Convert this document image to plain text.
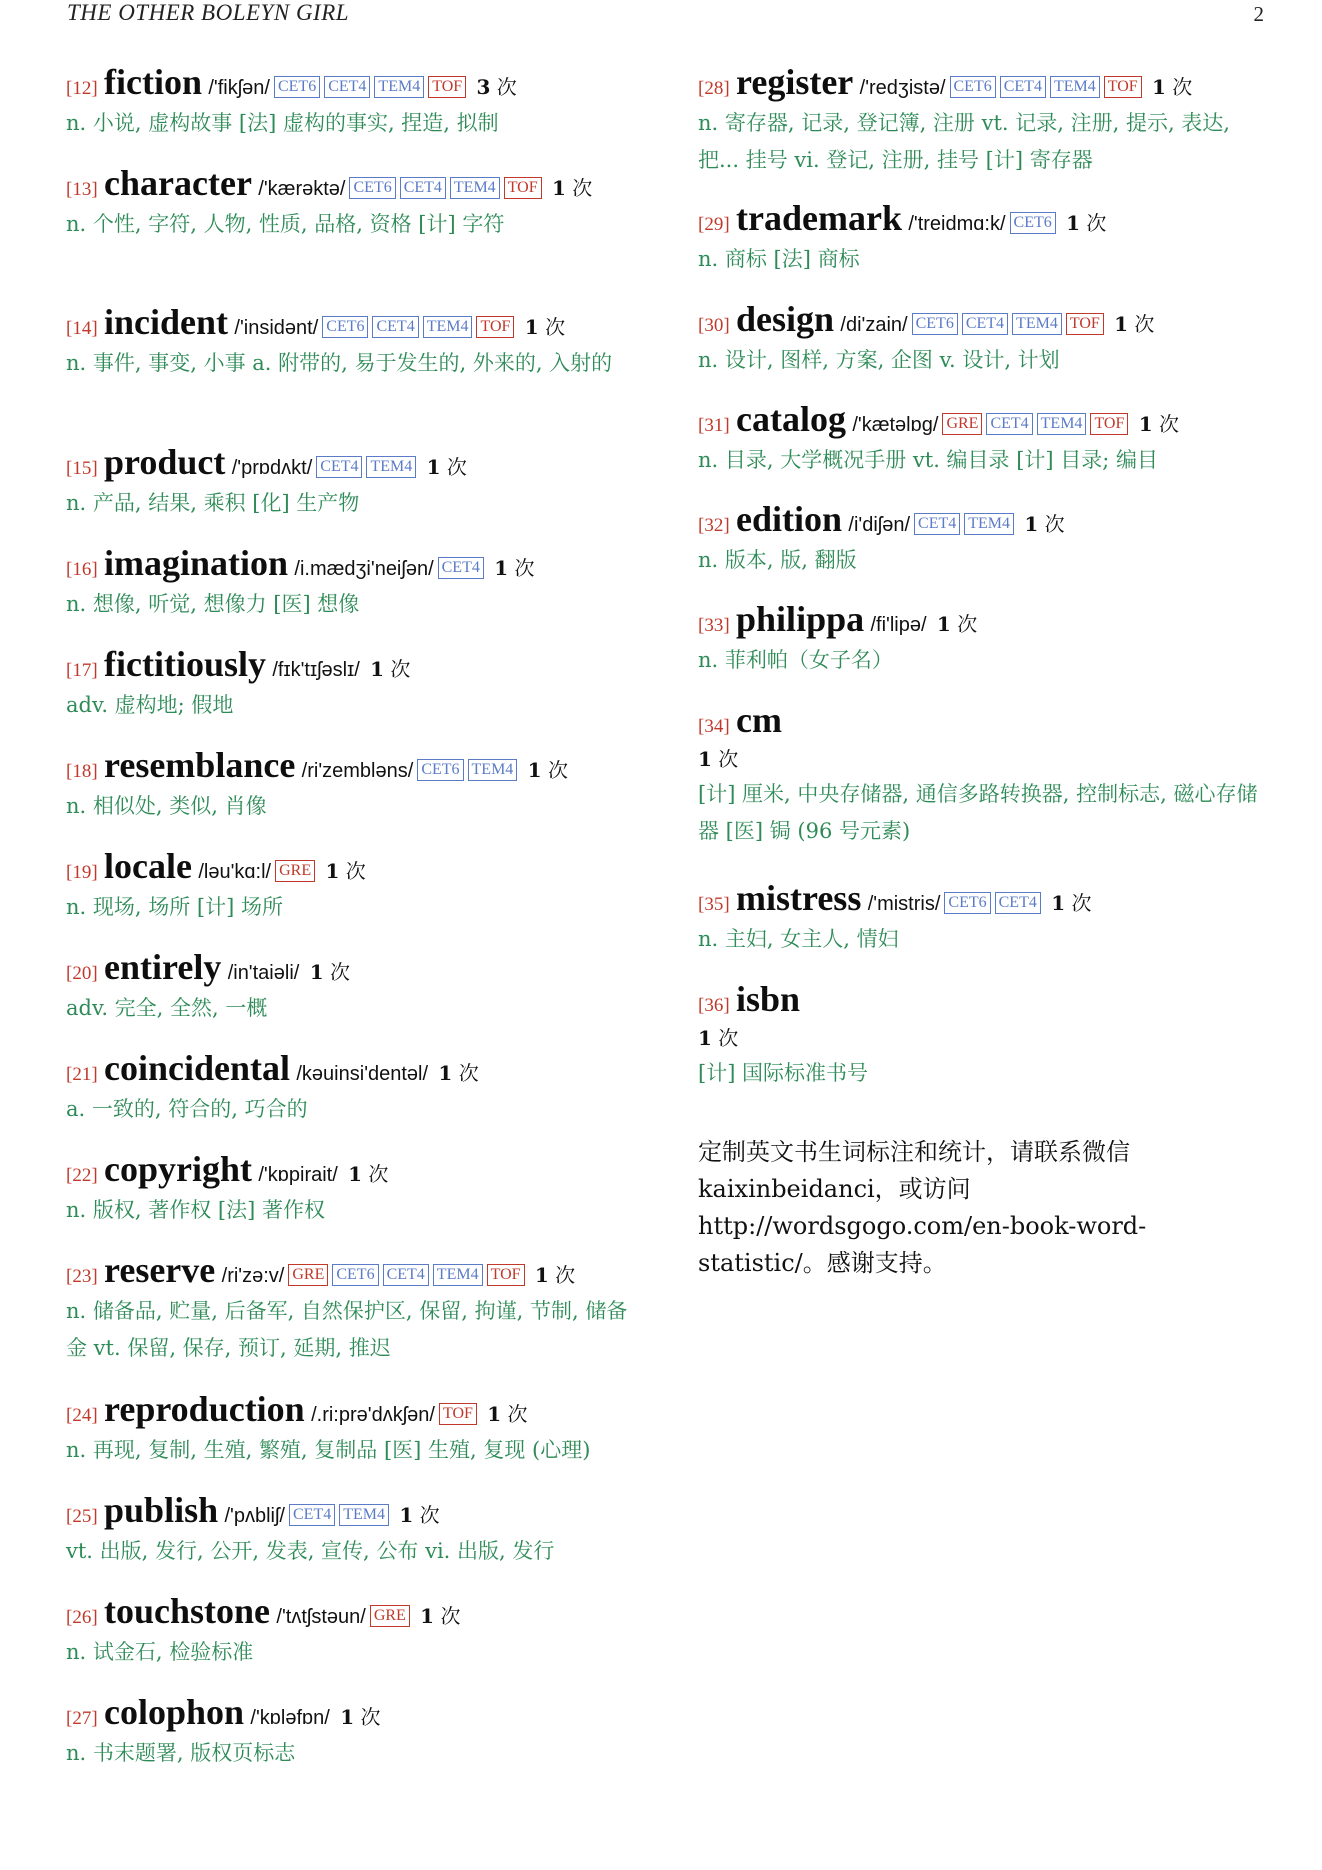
THE OTHER BOLEYN GIRL	2
[12] fiction /'fikʃən/ CET6 CET4 TEM4 TOF 3 次
n. 小说, 虚构故事 [法] 虚构的事实, 捏造, 拟制
[13] character /'kærəktə/ CET6 CET4 TEM4 TOF 1 次
n. 个性, 字符, 人物, 性质, 品格, 资格 [计] 字符
[14] incident /'insidənt/ CET6 CET4 TEM4 TOF 1 次
n. 事件, 事变, 小事 a. 附带的, 易于发生的, 外来的, 入射的
[15] product /'prɒdʌkt/ CET4 TEM4 1 次
n. 产品, 结果, 乘积 [化] 生产物
[16] imagination /i.mædʒi'neiʃən/ CET4 1 次
n. 想像, 听觉, 想像力 [医] 想像
[17] fictitiously /fɪk'tɪʃəslɪ/ 1 次
adv. 虚构地; 假地
[18] resemblance /ri'zembləns/ CET6 TEM4 1 次
n. 相似处, 类似, 肖像
[19] locale /ləu'kɑ:l/ GRE 1 次
n. 现场, 场所 [计] 场所
[20] entirely /in'taiəli/ 1 次
adv. 完全, 全然, 一概
[21] coincidental /kəuinsi'dentəl/ 1 次
a. 一致的, 符合的, 巧合的
[22] copyright /'kɒpirait/ 1 次
n. 版权, 著作权 [法] 著作权
[23] reserve /ri'zə:v/ GRE CET6 CET4 TEM4 TOF 1 次
n. 储备品, 贮量, 后备军, 自然保护区, 保留, 拘谨, 节制, 储备金 vt. 保留, 保存, 预订, 延期, 推迟
[24] reproduction /.ri:prə'dʌkʃən/ TOF 1 次
n. 再现, 复制, 生殖, 繁殖, 复制品 [医] 生殖, 复现 (心理)
[25] publish /'pʌbliʃ/ CET4 TEM4 1 次
vt. 出版, 发行, 公开, 发表, 宣传, 公布 vi. 出版, 发行
[26] touchstone /'tʌtʃstəun/ GRE 1 次
n. 试金石, 检验标准
[27] colophon /'kɒləfɒn/ 1 次
n. 书末题署, 版权页标志
[28] register /'redʒistə/ CET6 CET4 TEM4 TOF 1 次
n. 寄存器, 记录, 登记簿, 注册 vt. 记录, 注册, 提示, 表达, 把... 挂号 vi. 登记, 注册, 挂号 [计] 寄存器
[29] trademark /'treidmɑ:k/ CET6 1 次
n. 商标 [法] 商标
[30] design /di'zain/ CET6 CET4 TEM4 TOF 1 次
n. 设计, 图样, 方案, 企图 v. 设计, 计划
[31] catalog /'kætəlɒg/ GRE CET4 TEM4 TOF 1 次
n. 目录, 大学概况手册 vt. 编目录 [计] 目录; 编目
[32] edition /i'diʃən/ CET4 TEM4 1 次
n. 版本, 版, 翻版
[33] philippa /fi'lipə/ 1 次
n. 菲利帕（女子名）
[34] cm
1 次
[计] 厘米, 中央存储器, 通信多路转换器, 控制标志, 磁心存储器 [医] 锔 (96 号元素)
[35] mistress /'mistris/ CET6 CET4 1 次
n. 主妇, 女主人, 情妇
[36] isbn
1 次
[计] 国际标准书号
定制英文书生词标注和统计，请联系微信 kaixinbeidanci，或访问 http://wordsgogo.com/en-book-word-statistic/。感谢支持。
